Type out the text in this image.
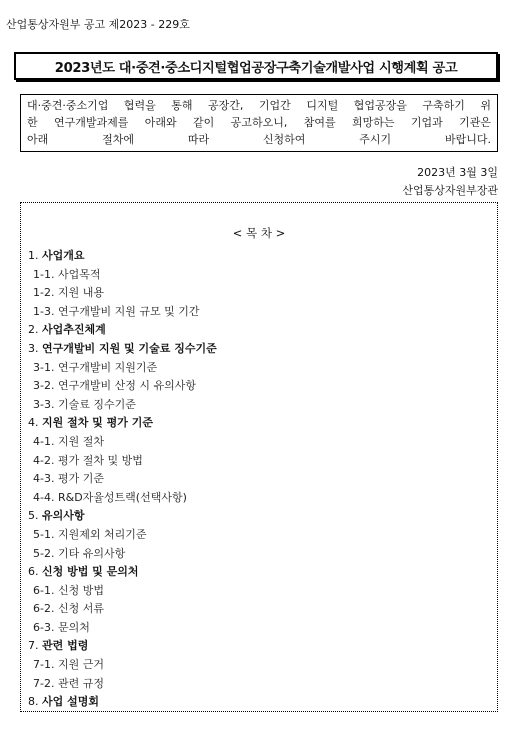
산업통상자원부 공고 제2023 - 229호
2023년도 대·중견·중소디지털협업공장구축기술개발사업 시행계획 공고

대·중견·중소기업 협력을 통해 공장간, 기업간 디지털 협업공장을 구축하기 위

한 연구개발과제를 아래와 같이 공고하오니, 참여를 희망하는 기업과 기관은

아래 절차에 따라 신청하여 주시기 바랍니다.

2023년 3월 3일
산업통상자원부장관
< 목 차 >
1. 사업개요
1-1. 사업목적
1-2. 지원 내용
1-3. 연구개발비 지원 규모 및 기간
2. 사업추진체계
3. 연구개발비 지원 및 기술료 징수기준
3-1. 연구개발비 지원기준
3-2. 연구개발비 산정 시 유의사항
3-3. 기술료 징수기준
4. 지원 절차 및 평가 기준
4-1. 지원 절차
4-2. 평가 절차 및 방법
4-3. 평가 기준
4-4. R&D자율성트랙(선택사항)
5. 유의사항
5-1. 지원제외 처리기준
5-2. 기타 유의사항
6. 신청 방법 및 문의처
6-1. 신청 방법
6-2. 신청 서류
6-3. 문의처
7. 관련 법령
7-1. 지원 근거
7-2. 관련 규정
8. 사업 설명회
